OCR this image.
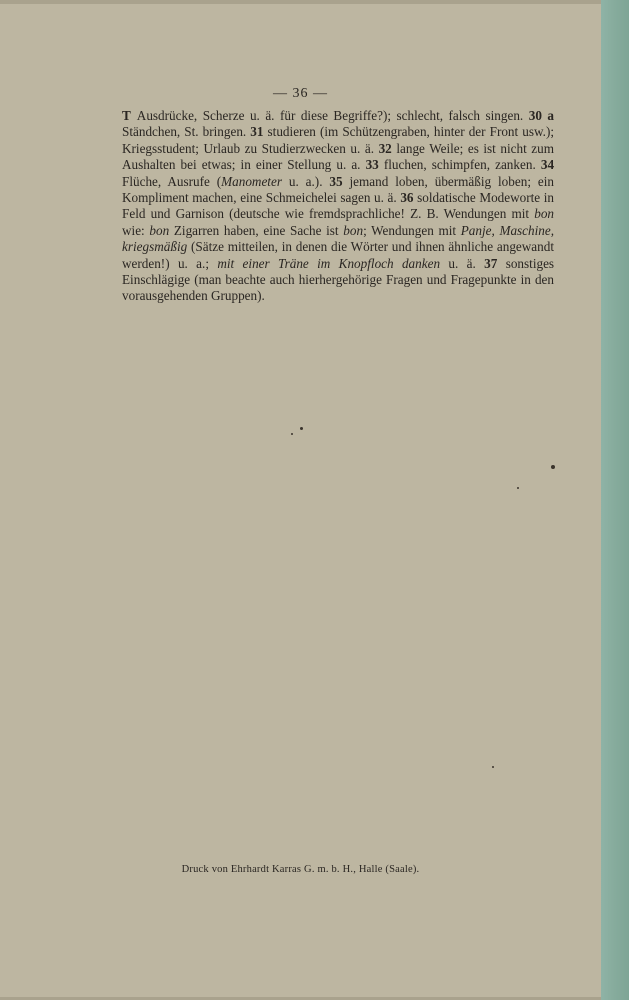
— 36 —
T Ausdrücke, Scherze u. ä. für diese Begriffe?); schlecht, falsch singen. 30 a Ständchen, St. bringen. 31 studieren (im Schützengraben, hinter der Front usw.); Kriegsstudent; Urlaub zu Studierzwecken u. ä. 32 lange Weile; es ist nicht zum Aushalten bei etwas; in einer Stellung u. a. 33 fluchen, schimpfen, zanken. 34 Flüche, Ausrufe (Manometer u. a.). 35 jemand loben, übermäßig loben; ein Kompliment machen, eine Schmeichelei sagen u. ä. 36 soldatische Modeworte in Feld und Garnison (deutsche wie fremdsprachliche! Z. B. Wendungen mit bon wie: bon Zigarren haben, eine Sache ist bon; Wendungen mit Panje, Maschine, kriegsmäßig (Sätze mitteilen, in denen die Wörter und ihnen ähnliche angewandt werden!) u. a.; mit einer Träne im Knopfloch danken u. ä. 37 sonstiges Einschlägige (man beachte auch hierhergehörige Fragen und Fragepunkte in den vorausgehenden Gruppen).
Druck von Ehrhardt Karras G. m. b. H., Halle (Saale).
